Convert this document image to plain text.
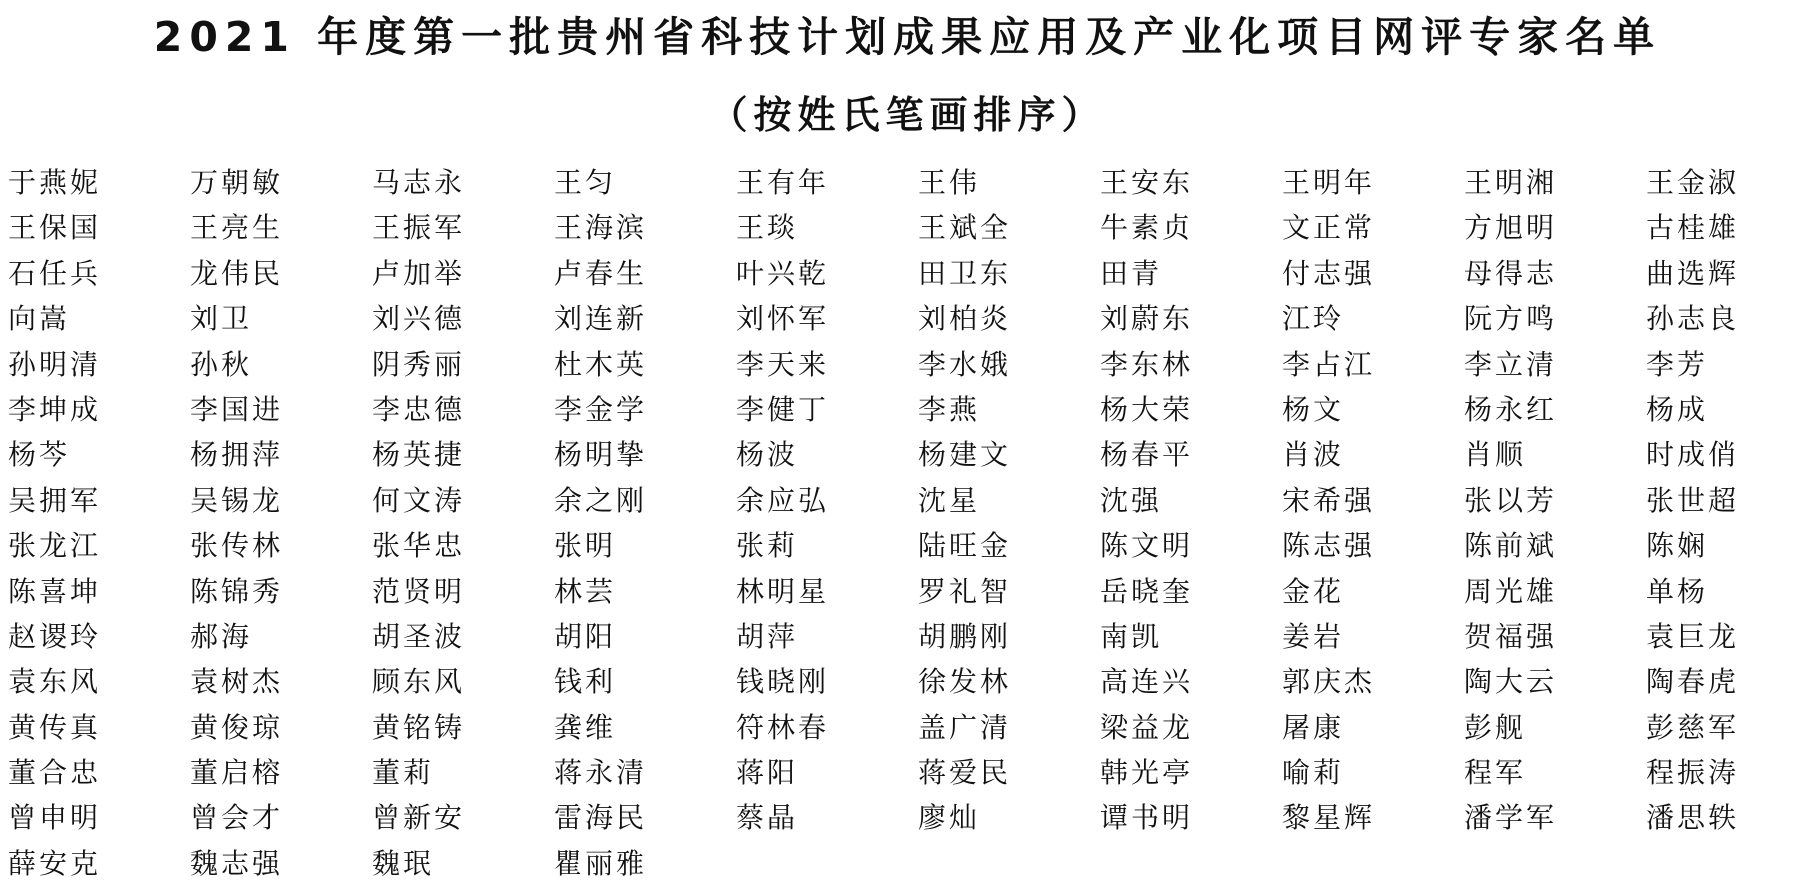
2021 年度第一批贵州省科技计划成果应用及产业化项目网评专家名单
（按姓氏笔画排序）
于燕妮	万朝敏	马志永	王匀	王有年	王伟	王安东	王明年	王明湘	王金淑
王保国	王亮生	王振军	王海滨	王琰	王斌全	牛素贞	文正常	方旭明	古桂雄
石任兵	龙伟民	卢加举	卢春生	叶兴乾	田卫东	田青	付志强	母得志	曲选辉
向嵩	刘卫	刘兴德	刘连新	刘怀军	刘柏炎	刘蔚东	江玲	阮方鸣	孙志良
孙明清	孙秋	阴秀丽	杜木英	李天来	李水娥	李东林	李占江	李立清	李芳
李坤成	李国进	李忠德	李金学	李健丁	李燕	杨大荣	杨文	杨永红	杨成
杨芩	杨拥萍	杨英捷	杨明挚	杨波	杨建文	杨春平	肖波	肖顺	时成俏
吴拥军	吴锡龙	何文涛	余之刚	余应弘	沈星	沈强	宋希强	张以芳	张世超
张龙江	张传林	张华忠	张明	张莉	陆旺金	陈文明	陈志强	陈前斌	陈娴
陈喜坤	陈锦秀	范贤明	林芸	林明星	罗礼智	岳晓奎	金花	周光雄	单杨
赵谡玲	郝海	胡圣波	胡阳	胡萍	胡鹏刚	南凯	姜岩	贺福强	袁巨龙
袁东风	袁树杰	顾东风	钱利	钱晓刚	徐发林	高连兴	郭庆杰	陶大云	陶春虎
黄传真	黄俊琼	黄铭铸	龚维	符林春	盖广清	梁益龙	屠康	彭舰	彭慈军
董合忠	董启榕	董莉	蒋永清	蒋阳	蒋爱民	韩光亭	喻莉	程军	程振涛
曾申明	曾会才	曾新安	雷海民	蔡晶	廖灿	谭书明	黎星辉	潘学军	潘思轶
薛安克	魏志强	魏珉	瞿丽雅
